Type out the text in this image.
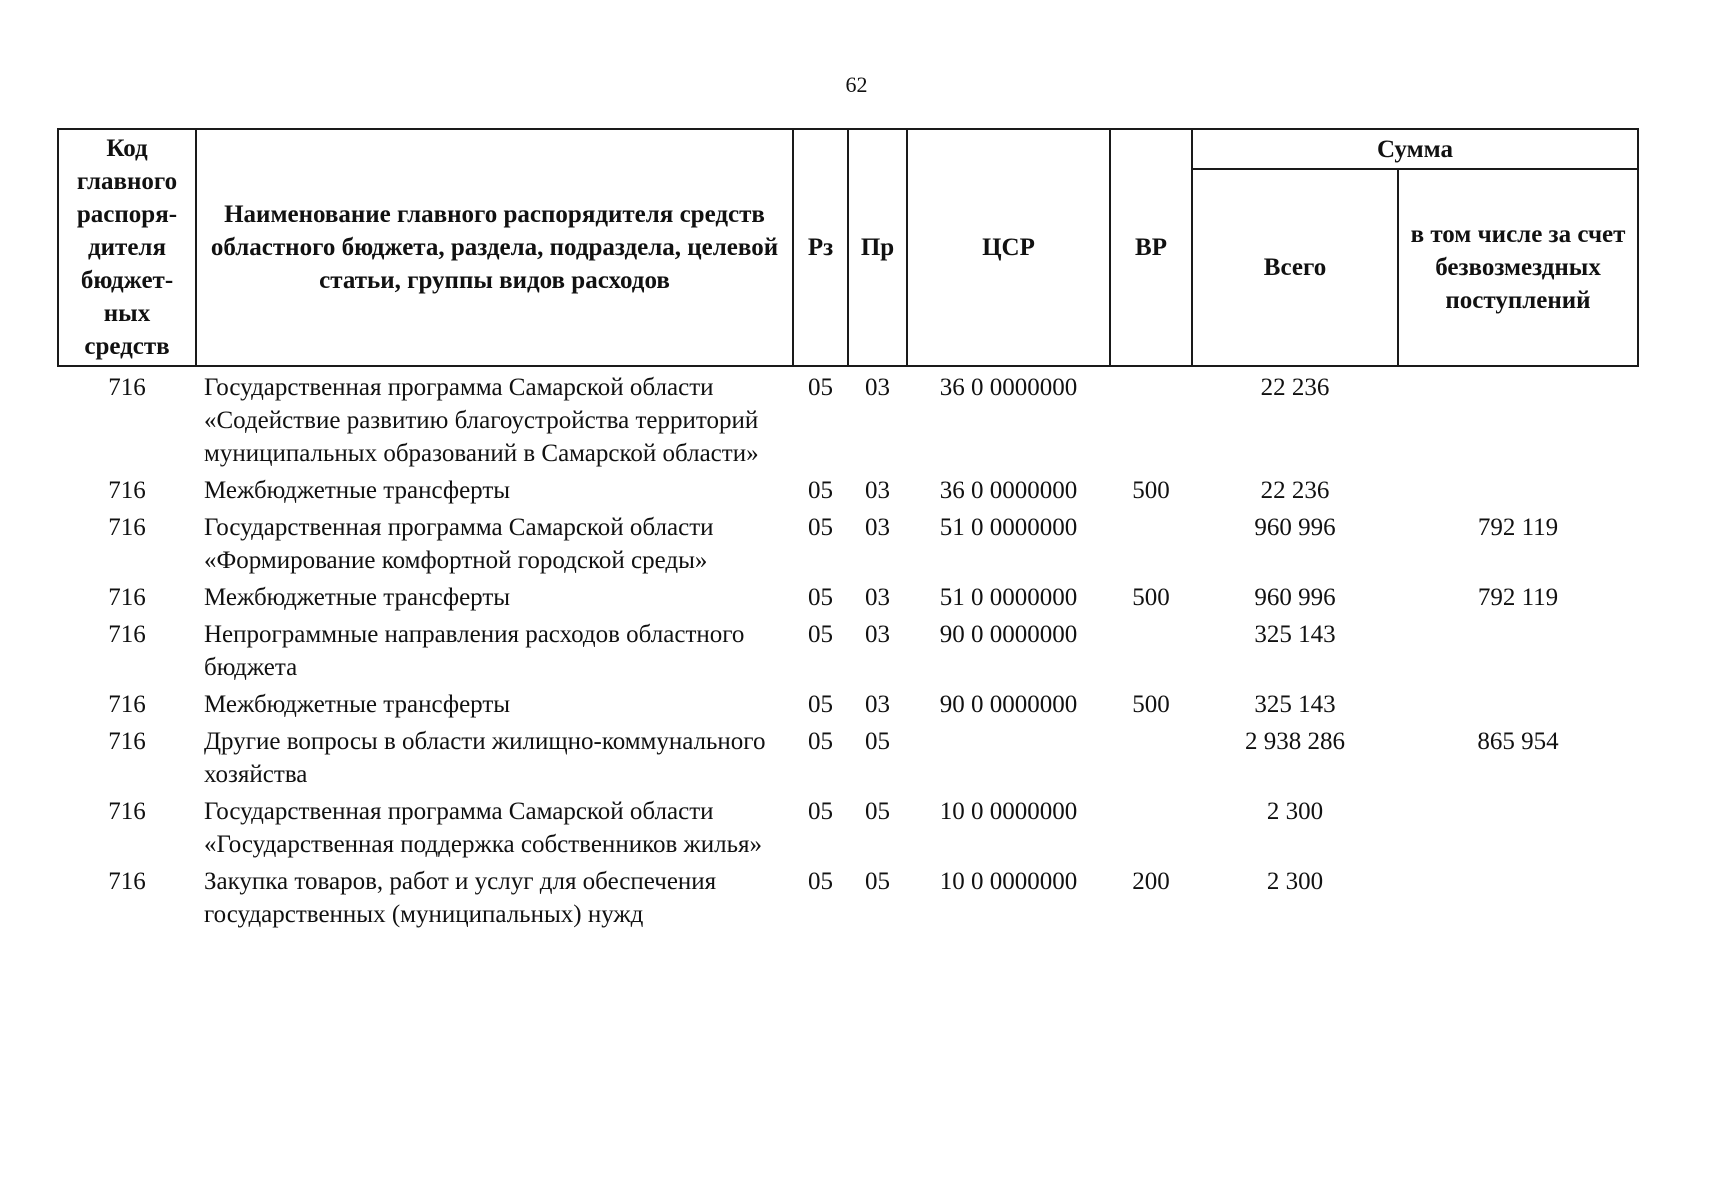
62
Код главного распоря-дителя бюджет-ных средств	Наименование главного распорядителя средств областного бюджета, раздела, подраздела, целевой статьи, группы видов расходов	Рз	Пр	ЦСР	ВР	Сумма	
						Всего	в том числе за счет безвозмездных поступлений
716	Государственная программа Самарской области «Содействие развитию благоустройства территорий муниципальных образований в Самарской области»	05	03	36 0 0000000		22 236	
716	Межбюджетные трансферты	05	03	36 0 0000000	500	22 236	
716	Государственная программа Самарской области «Формирование комфортной городской среды»	05	03	51 0 0000000		960 996	792 119
716	Межбюджетные трансферты	05	03	51 0 0000000	500	960 996	792 119
716	Непрограммные направления расходов областного бюджета	05	03	90 0 0000000		325 143	
716	Межбюджетные трансферты	05	03	90 0 0000000	500	325 143	
716	Другие вопросы в области жилищно-коммунального хозяйства	05	05			2 938 286	865 954
716	Государственная программа Самарской области «Государственная поддержка собственников жилья»	05	05	10 0 0000000		2 300	
716	Закупка товаров, работ и услуг для обеспечения государственных (муниципальных) нужд	05	05	10 0 0000000	200	2 300	
